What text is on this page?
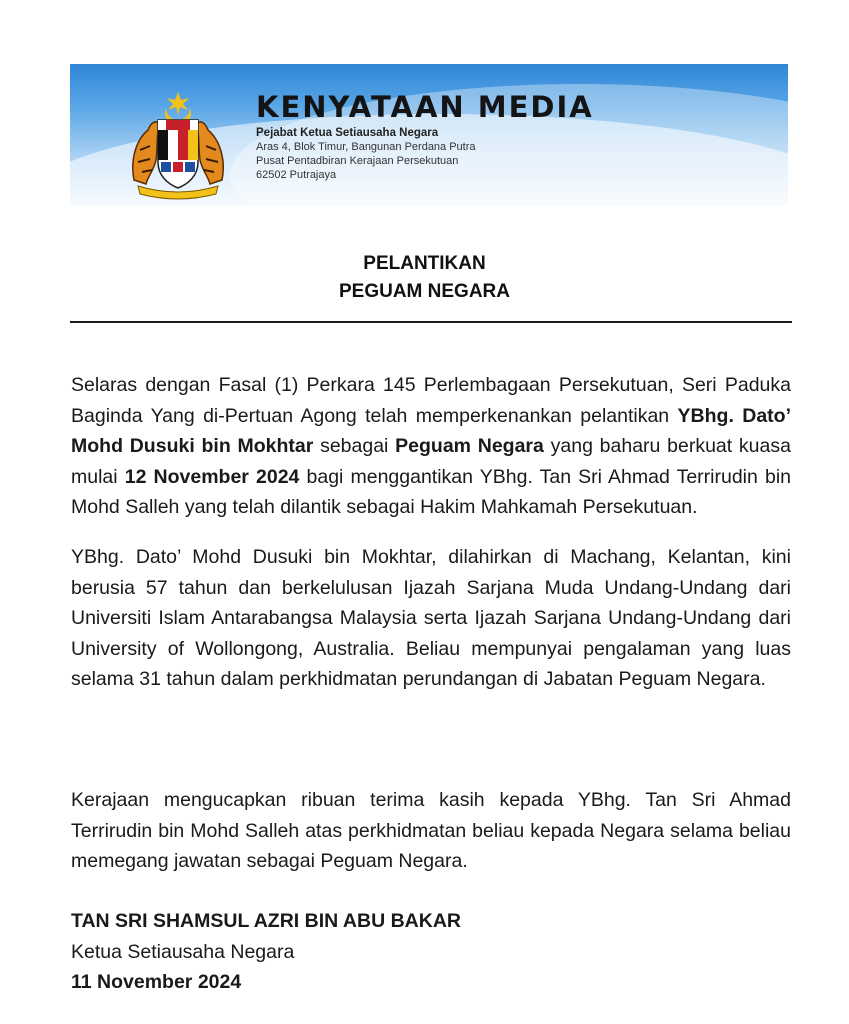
KENYATAAN MEDIA
Pejabat Ketua Setiausaha Negara
Aras 4, Blok Timur, Bangunan Perdana Putra
Pusat Pentadbiran Kerajaan Persekutuan
62502 Putrajaya
PELANTIKAN
PEGUAM NEGARA

Selaras dengan Fasal (1) Perkara 145 Perlembagaan Persekutuan, Seri Paduka Baginda Yang di-Pertuan Agong telah memperkenankan pelantikan YBhg. Dato’ Mohd Dusuki bin Mokhtar sebagai Peguam Negara yang baharu berkuat kuasa mulai 12 November 2024 bagi menggantikan YBhg. Tan Sri Ahmad Terrirudin bin Mohd Salleh yang telah dilantik sebagai Hakim Mahkamah Persekutuan.

YBhg. Dato’ Mohd Dusuki bin Mokhtar, dilahirkan di Machang, Kelantan, kini berusia 57 tahun dan berkelulusan Ijazah Sarjana Muda Undang-Undang dari Universiti Islam Antarabangsa Malaysia serta Ijazah Sarjana Undang-Undang dari University of Wollongong, Australia. Beliau mempunyai pengalaman yang luas selama 31 tahun dalam perkhidmatan perundangan di Jabatan Peguam Negara.

Kerajaan mengucapkan ribuan terima kasih kepada YBhg. Tan Sri Ahmad Terrirudin bin Mohd Salleh atas perkhidmatan beliau kepada Negara selama beliau memegang jawatan sebagai Peguam Negara.

TAN SRI SHAMSUL AZRI BIN ABU BAKAR
Ketua Setiausaha Negara
11 November 2024
